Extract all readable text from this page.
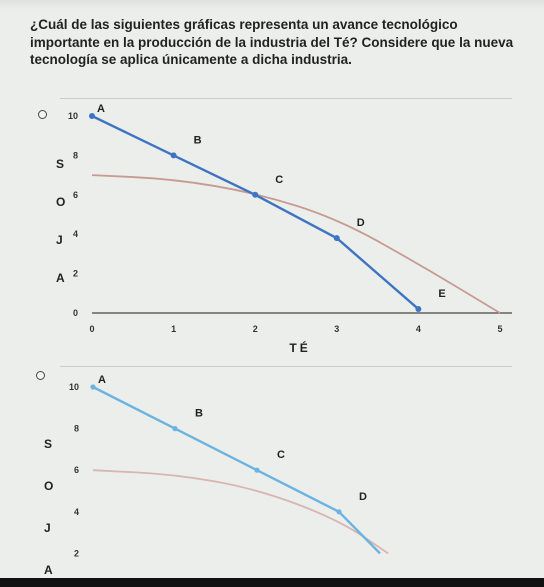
¿Cuál de las siguientes gráficas representa un avance tecnológico importante en la producción de la industria del Té? Considere que la nueva tecnología se aplica únicamente a dicha industria.

S
O
J
A
0
2
4
6
8
10
0	1	2	3	4	5
TÉ
A
B
C
D
E
S
O
J
A
2
4
6
8
10
A
B
C
D
